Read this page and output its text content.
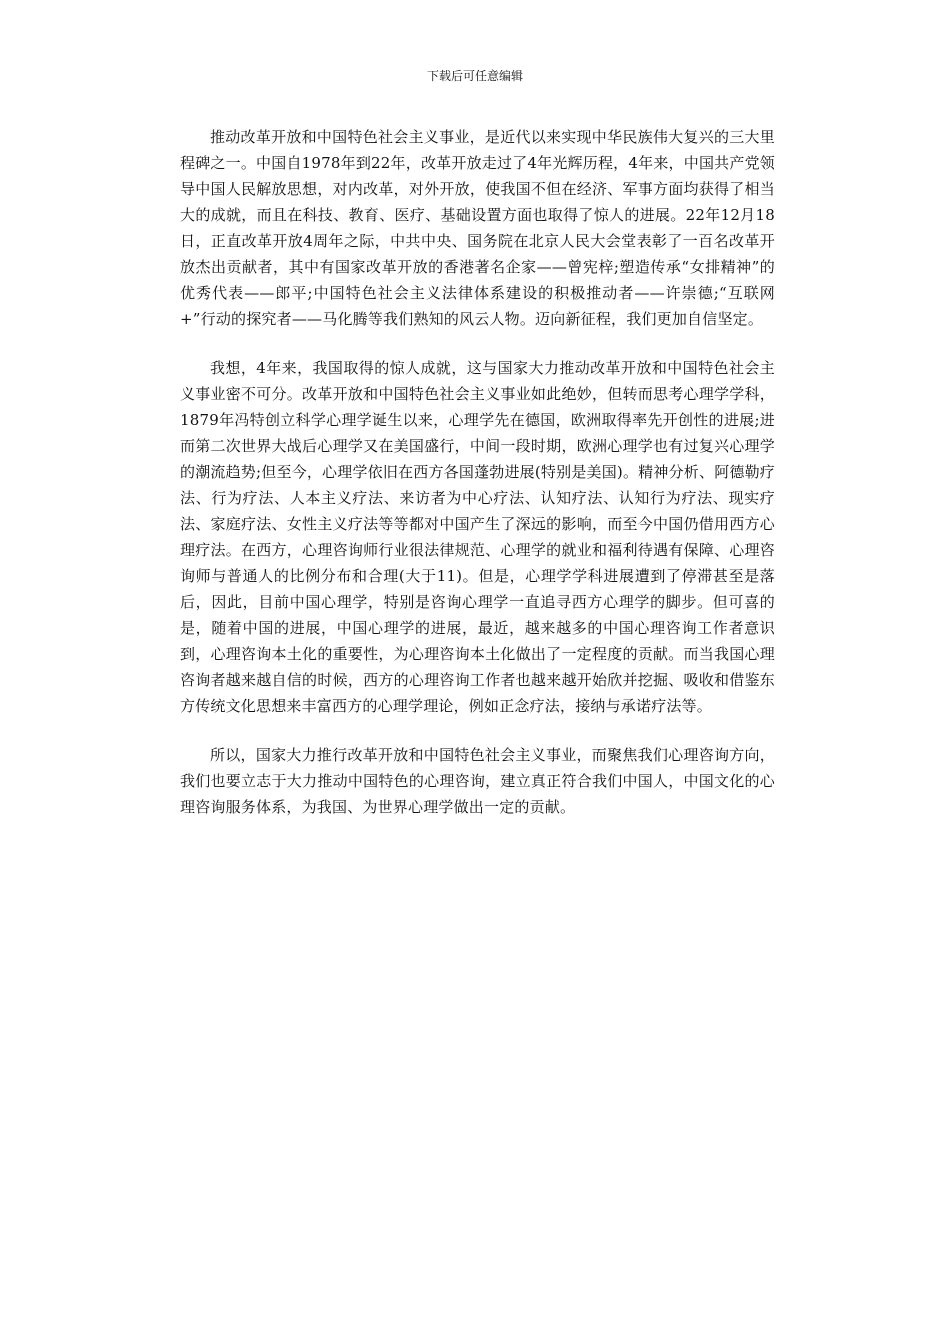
下载后可任意编辑

推动改革开放和中国特色社会主义事业，是近代以来实现中华民族伟大复兴的三大里程碑之一。中国自1978年到22年，改革开放走过了4年光辉历程，4年来，中国共产党领导中国人民解放思想，对内改革，对外开放，使我国不但在经济、军事方面均获得了相当大的成就，而且在科技、教育、医疗、基础设置方面也取得了惊人的进展。22年12月18日，正直改革开放4周年之际，中共中央、国务院在北京人民大会堂表彰了一百名改革开放杰出贡献者，其中有国家改革开放的香港著名企家——曾宪梓;塑造传承“女排精神”的优秀代表——郎平;中国特色社会主义法律体系建设的积极推动者——许崇德;“互联网+”行动的探究者——马化腾等我们熟知的风云人物。迈向新征程，我们更加自信坚定。

我想，4年来，我国取得的惊人成就，这与国家大力推动改革开放和中国特色社会主义事业密不可分。改革开放和中国特色社会主义事业如此绝妙，但转而思考心理学学科，1879年冯特创立科学心理学诞生以来，心理学先在德国，欧洲取得率先开创性的进展;进而第二次世界大战后心理学又在美国盛行，中间一段时期，欧洲心理学也有过复兴心理学的潮流趋势;但至今，心理学依旧在西方各国蓬勃进展(特别是美国)。精神分析、阿德勒疗法、行为疗法、人本主义疗法、来访者为中心疗法、认知疗法、认知行为疗法、现实疗法、家庭疗法、女性主义疗法等等都对中国产生了深远的影响，而至今中国仍借用西方心理疗法。在西方，心理咨询师行业很法律规范、心理学的就业和福利待遇有保障、心理咨询师与普通人的比例分布和合理(大于11)。但是，心理学学科进展遭到了停滞甚至是落后，因此，目前中国心理学，特别是咨询心理学一直追寻西方心理学的脚步。但可喜的是，随着中国的进展，中国心理学的进展，最近，越来越多的中国心理咨询工作者意识到，心理咨询本土化的重要性，为心理咨询本土化做出了一定程度的贡献。而当我国心理咨询者越来越自信的时候，西方的心理咨询工作者也越来越开始欣并挖掘、吸收和借鉴东方传统文化思想来丰富西方的心理学理论，例如正念疗法，接纳与承诺疗法等。

所以，国家大力推行改革开放和中国特色社会主义事业，而聚焦我们心理咨询方向，我们也要立志于大力推动中国特色的心理咨询，建立真正符合我们中国人，中国文化的心理咨询服务体系，为我国、为世界心理学做出一定的贡献。
